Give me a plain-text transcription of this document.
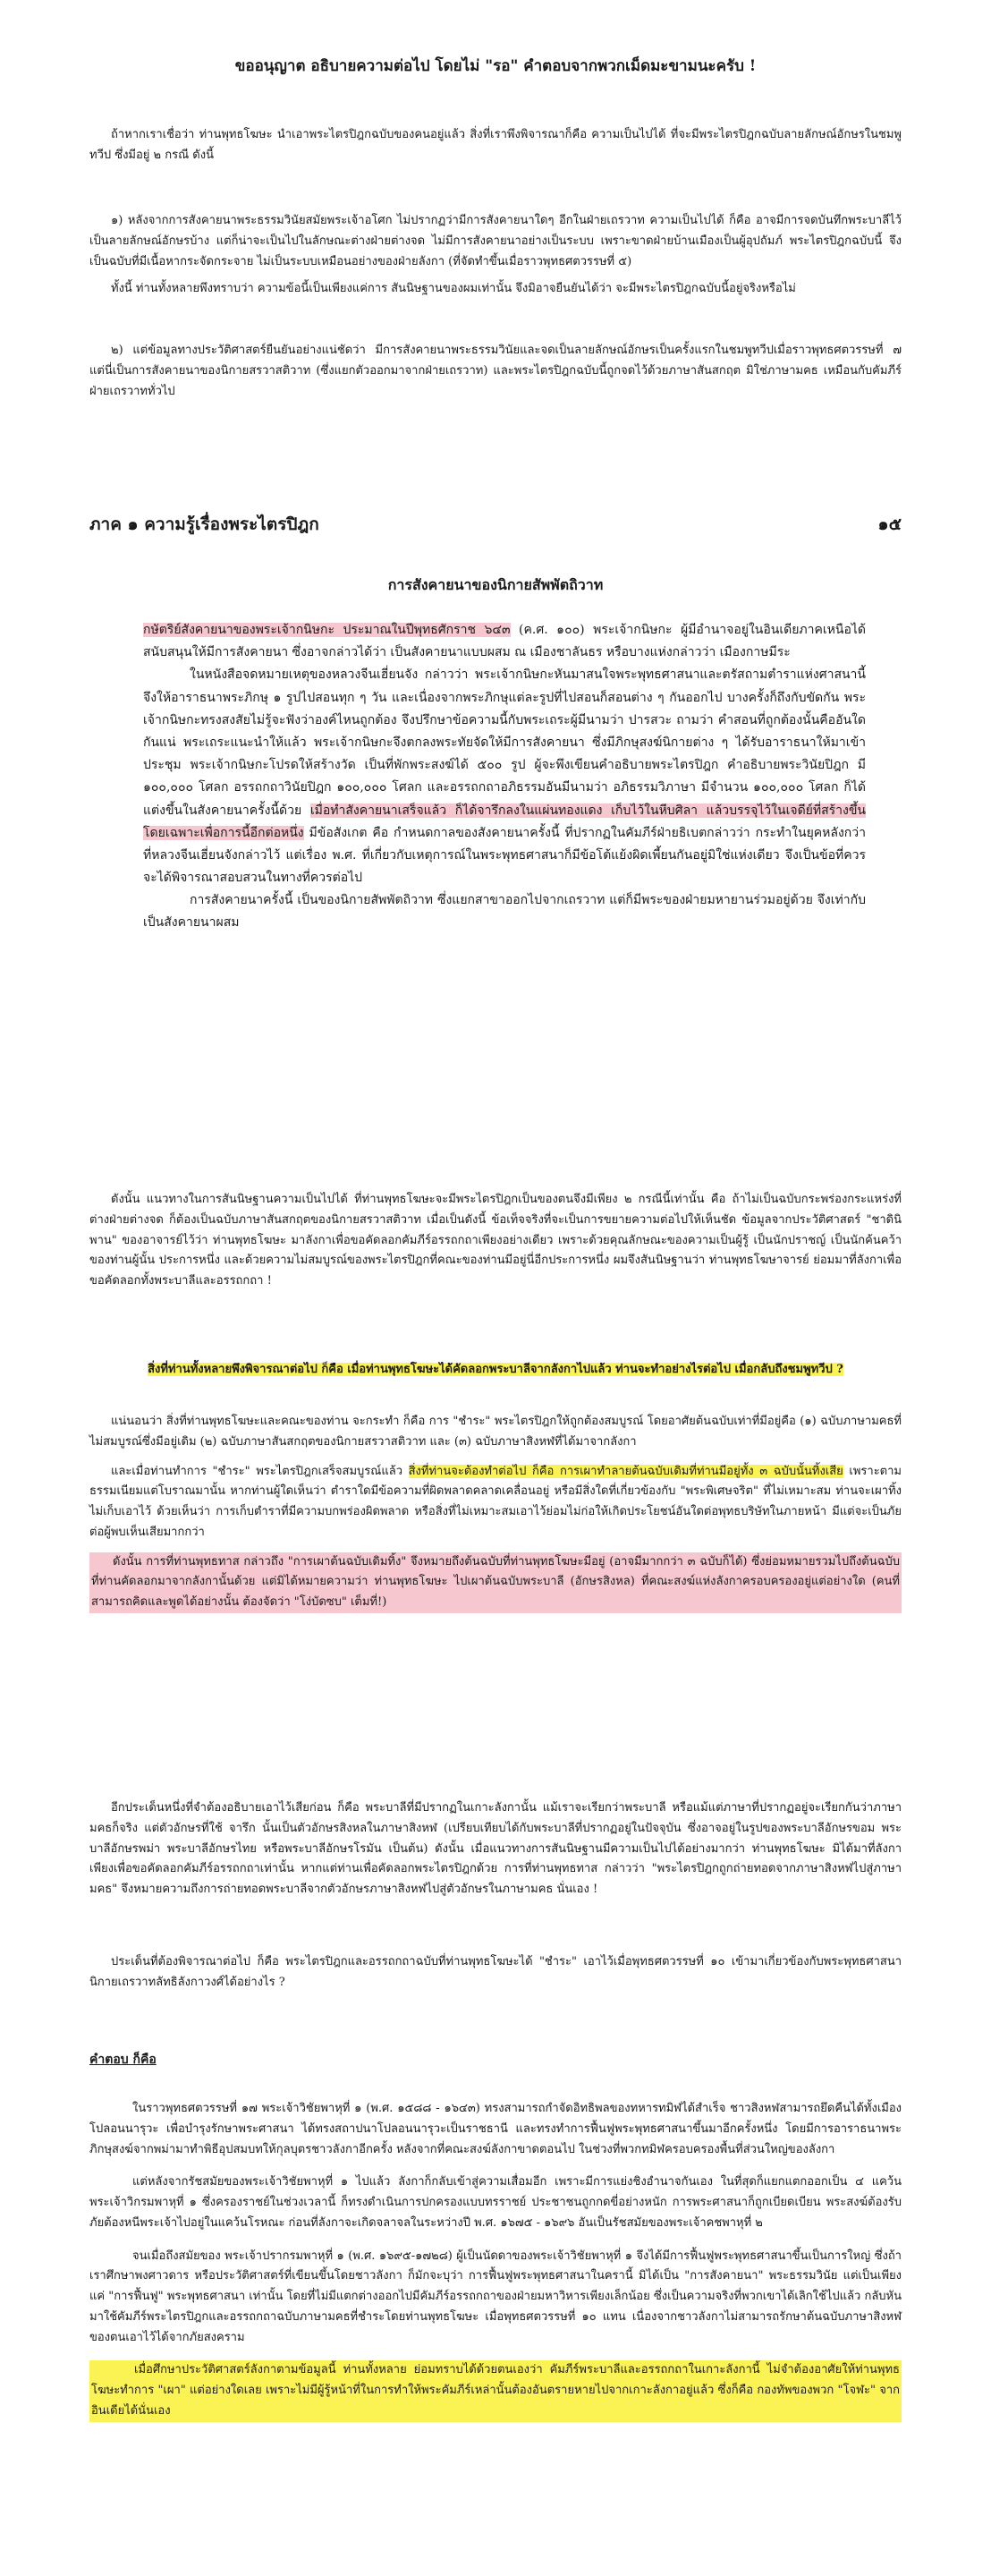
ขออนุญาต อธิบายความต่อไป โดยไม่ "รอ" คำตอบจากพวกเม็ดมะขามนะครับ !

ถ้าหากเราเชื่อว่า ท่านพุทธโฆษะ นำเอาพระไตรปิฎกฉบับของคนอยู่แล้ว สิ่งที่เราพึงพิจารณาก็คือ ความเป็นไปได้ ที่จะมีพระไตรปิฎกฉบับลายลักษณ์อักษรในชมพูทวีป ซึ่งมีอยู่ ๒ กรณี ดังนี้

๑) หลังจากการสังคายนาพระธรรมวินัยสมัยพระเจ้าอโศก ไม่ปรากฏว่ามีการสังคายนาใดๆ อีกในฝ่ายเถรวาท ความเป็นไปได้ ก็คือ อาจมีการจดบันทึกพระบาลีไว้เป็นลายลักษณ์อักษรบ้าง แต่ก็น่าจะเป็นไปในลักษณะต่างฝ่ายต่างจด ไม่มีการสังคายนาอย่างเป็นระบบ เพราะขาดฝ่ายบ้านเมืองเป็นผู้อุปถัมภ์ พระไตรปิฎกฉบับนี้ จึงเป็นฉบับที่มีเนื้อหากระจัดกระจาย ไม่เป็นระบบเหมือนอย่างของฝ่ายลังกา (ที่จัดทำขึ้นเมื่อราวพุทธศตวรรษที่ ๕)

ทั้งนี้ ท่านทั้งหลายพึงทราบว่า ความข้อนี้เป็นเพียงแค่การ สันนิษฐานของผมเท่านั้น จึงมิอาจยืนยันได้ว่า จะมีพระไตรปิฎกฉบับนี้อยู่จริงหรือไม่

๒) แต่ข้อมูลทางประวัติศาสตร์ยืนยันอย่างแน่ชัดว่า มีการสังคายนาพระธรรมวินัยและจดเป็นลายลักษณ์อักษรเป็นครั้งแรกในชมพูทวีปเมื่อราวพุทธศตวรรษที่ ๗ แต่นี่เป็นการสังคายนาของนิกายสรวาสติวาท (ซึ่งแยกตัวออกมาจากฝ่ายเถรวาท) และพระไตรปิฎกฉบับนี้ถูกจดไว้ด้วยภาษาสันสกฤต มิใช่ภาษามคธ เหมือนกับคัมภีร์ฝ่ายเถรวาททั่วไป

ภาค ๑ ความรู้เรื่องพระไตรปิฎก	๑๕
การสังคายนาของนิกายสัพพัตถิวาท

กษัตริย์สังคายนาของพระเจ้ากนิษกะ ประมาณในปีพุทธศักราช ๖๔๓ (ค.ศ. ๑๐๐) พระเจ้ากนิษกะ ผู้มีอำนาจอยู่ในอินเดียภาคเหนือได้สนับสนุนให้มีการสังคายนา ซึ่งอาจกล่าวได้ว่า เป็นสังคายนาแบบผสม ณ เมืองชาลันธร หรือบางแห่งกล่าวว่า เมืองกาษมีระ

ในหนังสือจดหมายเหตุของหลวงจีนเฮี่ยนจัง กล่าวว่า พระเจ้ากนิษกะหันมาสนใจพระพุทธศาสนาและตรัสถามตำราแห่งศาสนานี้ จึงให้อาราธนาพระภิกษุ ๑ รูปไปสอนทุก ๆ วัน และเนื่องจากพระภิกษุแต่ละรูปที่ไปสอนก็สอนต่าง ๆ กันออกไป บางครั้งก็ถึงกับขัดกัน พระเจ้ากนิษกะทรงสงสัยไม่รู้จะฟังว่าองค์ไหนถูกต้อง จึงปรึกษาข้อความนี้กับพระเถระผู้มีนามว่า ปารสวะ ถามว่า คำสอนที่ถูกต้องนั้นคืออันใดกันแน่ พระเถระแนะนำให้แล้ว พระเจ้ากนิษกะจึงตกลงพระทัยจัดให้มีการสังคายนา ซึ่งมีภิกษุสงฆ์นิกายต่าง ๆ ได้รับอาราธนาให้มาเข้าประชุม พระเจ้ากนิษกะโปรดให้สร้างวัด เป็นที่พักพระสงฆ์ได้ ๕๐๐ รูป ผู้จะพึงเขียนคำอธิบายพระไตรปิฎก คำอธิบายพระวินัยปิฎก มี ๑๐๐,๐๐๐ โศลก อรรถกถาวินัยปิฎก ๑๐๐,๐๐๐ โศลก และอรรถกถาอภิธรรมอันมีนามว่า อภิธรรมวิภาษา มีจำนวน ๑๐๐,๐๐๐ โศลก ก็ได้แต่งขึ้นในสังคายนาครั้งนี้ด้วย เมื่อทำสังคายนาเสร็จแล้ว ก็ได้จารึกลงในแผ่นทองแดง เก็บไว้ในหีบศิลา แล้วบรรจุไว้ในเจดีย์ที่สร้างขึ้นโดยเฉพาะเพื่อการนี้อีกต่อหนึ่ง มีข้อสังเกต คือ กำหนดกาลของสังคายนาครั้งนี้ ที่ปรากฏในคัมภีร์ฝ่ายธิเบตกล่าวว่า กระทำในยุคหลังกว่าที่หลวงจีนเฮี่ยนจังกล่าวไว้ แต่เรื่อง พ.ศ. ที่เกี่ยวกับเหตุการณ์ในพระพุทธศาสนาก็มีข้อโต้แย้งผิดเพี้ยนกันอยู่มิใช่แห่งเดียว จึงเป็นข้อที่ควรจะได้พิจารณาสอบสวนในทางที่ควรต่อไป

การสังคายนาครั้งนี้ เป็นของนิกายสัพพัตถิวาท ซึ่งแยกสาขาออกไปจากเถรวาท แต่ก็มีพระของฝ่ายมหายานร่วมอยู่ด้วย จึงเท่ากับเป็นสังคายนาผสม

ดังนั้น แนวทางในการสันนิษฐานความเป็นไปได้ ที่ท่านพุทธโฆษะจะมีพระไตรปิฎกเป็นของตนจึงมีเพียง ๒ กรณีนี้เท่านั้น คือ ถ้าไม่เป็นฉบับกระพร่องกระแหร่งที่ต่างฝ่ายต่างจด ก็ต้องเป็นฉบับภาษาสันสกฤตของนิกายสรวาสติวาท เมื่อเป็นดังนี้ ข้อเท็จจริงที่จะเป็นการขยายความต่อไปให้เห็นชัด ข้อมูลจากประวัติศาสตร์ "ชาดินิพาน" ของอาจารย์ไว้ว่า ท่านพุทธโฆษะ มาลังกาเพื่อขอคัดลอกคัมภีร์อรรถกถาเพียงอย่างเดียว เพราะด้วยคุณลักษณะของความเป็นผู้รู้ เป็นนักปราชญ์ เป็นนักค้นคว้าของท่านผู้นั้น ประการหนึ่ง และด้วยความไม่สมบูรณ์ของพระไตรปิฎกที่คณะของท่านมีอยู่นี่อีกประการหนึ่ง ผมจึงสันนิษฐานว่า ท่านพุทธโฆษาจารย์ ย่อมมาที่ลังกาเพื่อขอคัดลอกทั้งพระบาลีและอรรถกถา !

สิ่งที่ท่านทั้งหลายพึงพิจารณาต่อไป ก็คือ เมื่อท่านพุทธโฆษะได้คัดลอกพระบาลีจากลังกาไปแล้ว ท่านจะทำอย่างไรต่อไป เมื่อกลับถึงชมพูทวีป ?

แน่นอนว่า สิ่งที่ท่านพุทธโฆษะและคณะของท่าน จะกระทำ ก็คือ การ "ชำระ" พระไตรปิฎกให้ถูกต้องสมบูรณ์ โดยอาศัยต้นฉบับเท่าที่มีอยู่คือ (๑) ฉบับภาษามคธที่ไม่สมบูรณ์ซึ่งมีอยู่เดิม (๒) ฉบับภาษาสันสกฤตของนิกายสรวาสติวาท และ (๓) ฉบับภาษาสิงหฬที่ได้มาจากลังกา

และเมื่อท่านทำการ "ชำระ" พระไตรปิฎกเสร็จสมบูรณ์แล้ว สิ่งที่ท่านจะต้องทำต่อไป ก็คือ การเผาทำลายต้นฉบับเดิมที่ท่านมีอยู่ทั้ง ๓ ฉบับนั้นทิ้งเสีย เพราะตามธรรมเนียมแต่โบราณมานั้น หากท่านผู้ใดเห็นว่า ตำราใดมีข้อความที่ผิดพลาดคลาดเคลื่อนอยู่ หรือมีสิ่งใดที่เกี่ยวข้องกับ "พระพิเศษจริต" ที่ไม่เหมาะสม ท่านจะเผาทิ้งไม่เก็บเอาไว้ ด้วยเห็นว่า การเก็บตำราที่มีความบกพร่องผิดพลาด หรือสิ่งที่ไม่เหมาะสมเอาไว้ย่อมไม่ก่อให้เกิดประโยชน์อันใดต่อพุทธบริษัทในภายหน้า มีแต่จะเป็นภัยต่อผู้พบเห็นเสียมากกว่า

ดังนั้น การที่ท่านพุทธทาส กล่าวถึง "การเผาต้นฉบับเดิมทิ้ง" จึงหมายถึงต้นฉบับที่ท่านพุทธโฆษะมีอยู่ (อาจมีมากกว่า ๓ ฉบับก็ได้) ซึ่งย่อมหมายรวมไปถึงต้นฉบับที่ท่านคัดลอกมาจากลังกานั้นด้วย แต่มิได้หมายความว่า ท่านพุทธโฆษะ ไปเผาต้นฉบับพระบาลี (อักษรสิงหล) ที่คณะสงฆ์แห่งลังกาครอบครองอยู่แต่อย่างใด (คนที่สามารถคิดและพูดได้อย่างนั้น ต้องจัดว่า "โง่บัดซบ" เต็มที่!)

อีกประเด็นหนึ่งที่จำต้องอธิบายเอาไว้เสียก่อน ก็คือ พระบาลีที่มีปรากฏในเกาะลังกานั้น แม้เราจะเรียกว่าพระบาลี หรือแม้แต่ภาษาที่ปรากฏอยู่จะเรียกกันว่าภาษามคธก็จริง แต่ตัวอักษรที่ใช้ จารึก นั้นเป็นตัวอักษรสิงหลในภาษาสิงหฬ (เปรียบเทียบได้กับพระบาลีที่ปรากฏอยู่ในปัจจุบัน ซึ่งอาจอยู่ในรูปของพระบาลีอักษรขอม พระบาลีอักษรพม่า พระบาลีอักษรไทย หรือพระบาลีอักษรโรมัน เป็นต้น) ดังนั้น เมื่อแนวทางการสันนิษฐานมีความเป็นไปได้อย่างมากว่า ท่านพุทธโฆษะ มิได้มาที่ลังกาเพียงเพื่อขอคัดลอกคัมภีร์อรรถกถาเท่านั้น หากแต่ท่านเพื่อคัดลอกพระไตรปิฎกด้วย การที่ท่านพุทธทาส กล่าวว่า "พระไตรปิฎกถูกถ่ายทอดจากภาษาสิงหฬไปสู่ภาษามคธ" จึงหมายความถึงการถ่ายทอดพระบาลีจากตัวอักษรภาษาสิงหฬไปสู่ตัวอักษรในภาษามคธ นั่นเอง !

ประเด็นที่ต้องพิจารณาต่อไป ก็คือ พระไตรปิฎกและอรรถกถาฉบับที่ท่านพุทธโฆษะได้ "ชำระ" เอาไว้เมื่อพุทธศตวรรษที่ ๑๐ เข้ามาเกี่ยวข้องกับพระพุทธศาสนานิกายเถรวาทลัทธิลังกาวงศ์ได้อย่างไร ?

คำตอบ ก็คือ

ในราวพุทธศตวรรษที่ ๑๗ พระเจ้าวิชัยพาหุที่ ๑ (พ.ศ. ๑๕๘๘ - ๑๖๔๓) ทรงสามารถกำจัดอิทธิพลของทหารทมิฬได้สำเร็จ ชาวสิงหฬสามารถยึดคืนได้ทั้งเมืองโปลอนนารุวะ เพื่อบำรุงรักษาพระศาสนา ได้ทรงสถาปนาโปลอนนารุวะเป็นราชธานี และทรงทำการฟื้นฟูพระพุทธศาสนาขึ้นมาอีกครั้งหนึ่ง โดยมีการอาราธนาพระภิกษุสงฆ์จากพม่ามาทำพิธีอุปสมบทให้กุลบุตรชาวลังกาอีกครั้ง หลังจากที่คณะสงฆ์ลังกาขาดตอนไป ในช่วงที่พวกทมิฬครอบครองพื้นที่ส่วนใหญ่ของลังกา

แต่หลังจากรัชสมัยของพระเจ้าวิชัยพาหุที่ ๑ ไปแล้ว ลังกาก็กลับเข้าสู่ความเสื่อมอีก เพราะมีการแย่งชิงอำนาจกันเอง ในที่สุดก็แยกแตกออกเป็น ๔ แคว้น พระเจ้าวิกรมพาหุที่ ๑ ซึ่งครองราชย์ในช่วงเวลานี้ ก็ทรงดำเนินการปกครองแบบทรราชย์ ประชาชนถูกกดขี่อย่างหนัก การพระศาสนาก็ถูกเบียดเบียน พระสงฆ์ต้องรับภัยต้องหนีพระเจ้าไปอยู่ในแคว้นโรหณะ ก่อนที่ลังกาจะเกิดจลาจลในระหว่างปี พ.ศ. ๑๖๗๕ - ๑๖๙๖ อันเป็นรัชสมัยของพระเจ้าคชพาหุที่ ๒

จนเมื่อถึงสมัยของ พระเจ้าปรากรมพาหุที่ ๑ (พ.ศ. ๑๖๙๕-๑๗๒๘) ผู้เป็นนัดดาของพระเจ้าวิชัยพาหุที่ ๑ จึงได้มีการฟื้นฟูพระพุทธศาสนาขึ้นเป็นการใหญ่ ซึ่งถ้าเราศึกษาพงศาวดาร หรือประวัติศาสตร์ที่เขียนขึ้นโดยชาวลังกา ก็มักจะบุว่า การฟื้นฟูพระพุทธศาสนาในครานี้ มิได้เป็น "การสังคายนา" พระธรรมวินัย แต่เป็นเพียงแค่ "การฟื้นฟู" พระพุทธศาสนา เท่านั้น โดยที่ไม่มีแตกต่างออกไปมีคัมภีร์อรรถกถาของฝ่ายมหาวิหารเพียงเล็กน้อย ซึ่งเป็นความจริงที่พวกเขาได้เลิกใช้ไปแล้ว กลับหันมาใช้คัมภีร์พระไตรปิฎกและอรรถกถาฉบับภาษามคธที่ชำระโดยท่านพุทธโฆษะ เมื่อพุทธศตวรรษที่ ๑๐ แทน เนื่องจากชาวลังกาไม่สามารถรักษาต้นฉบับภาษาสิงหฬของตนเอาไว้ได้จากภัยสงคราม

เมื่อศึกษาประวัติศาสตร์ลังกาตามข้อมูลนี้ ท่านทั้งหลาย ย่อมทราบได้ด้วยตนเองว่า คัมภีร์พระบาลีและอรรถกถาในเกาะลังกานี้ ไม่จำต้องอาศัยให้ท่านพุทธโฆษะทำการ "เผา" แต่อย่างใดเลย เพราะไม่มีผู้รู้หน้าที่ในการทำให้พระคัมภีร์เหล่านั้นต้องอันตรายหายไปจากเกาะลังกาอยู่แล้ว ซึ่งก็คือ กองทัพของพวก "โจฬะ" จากอินเดียได้นั่นเอง
